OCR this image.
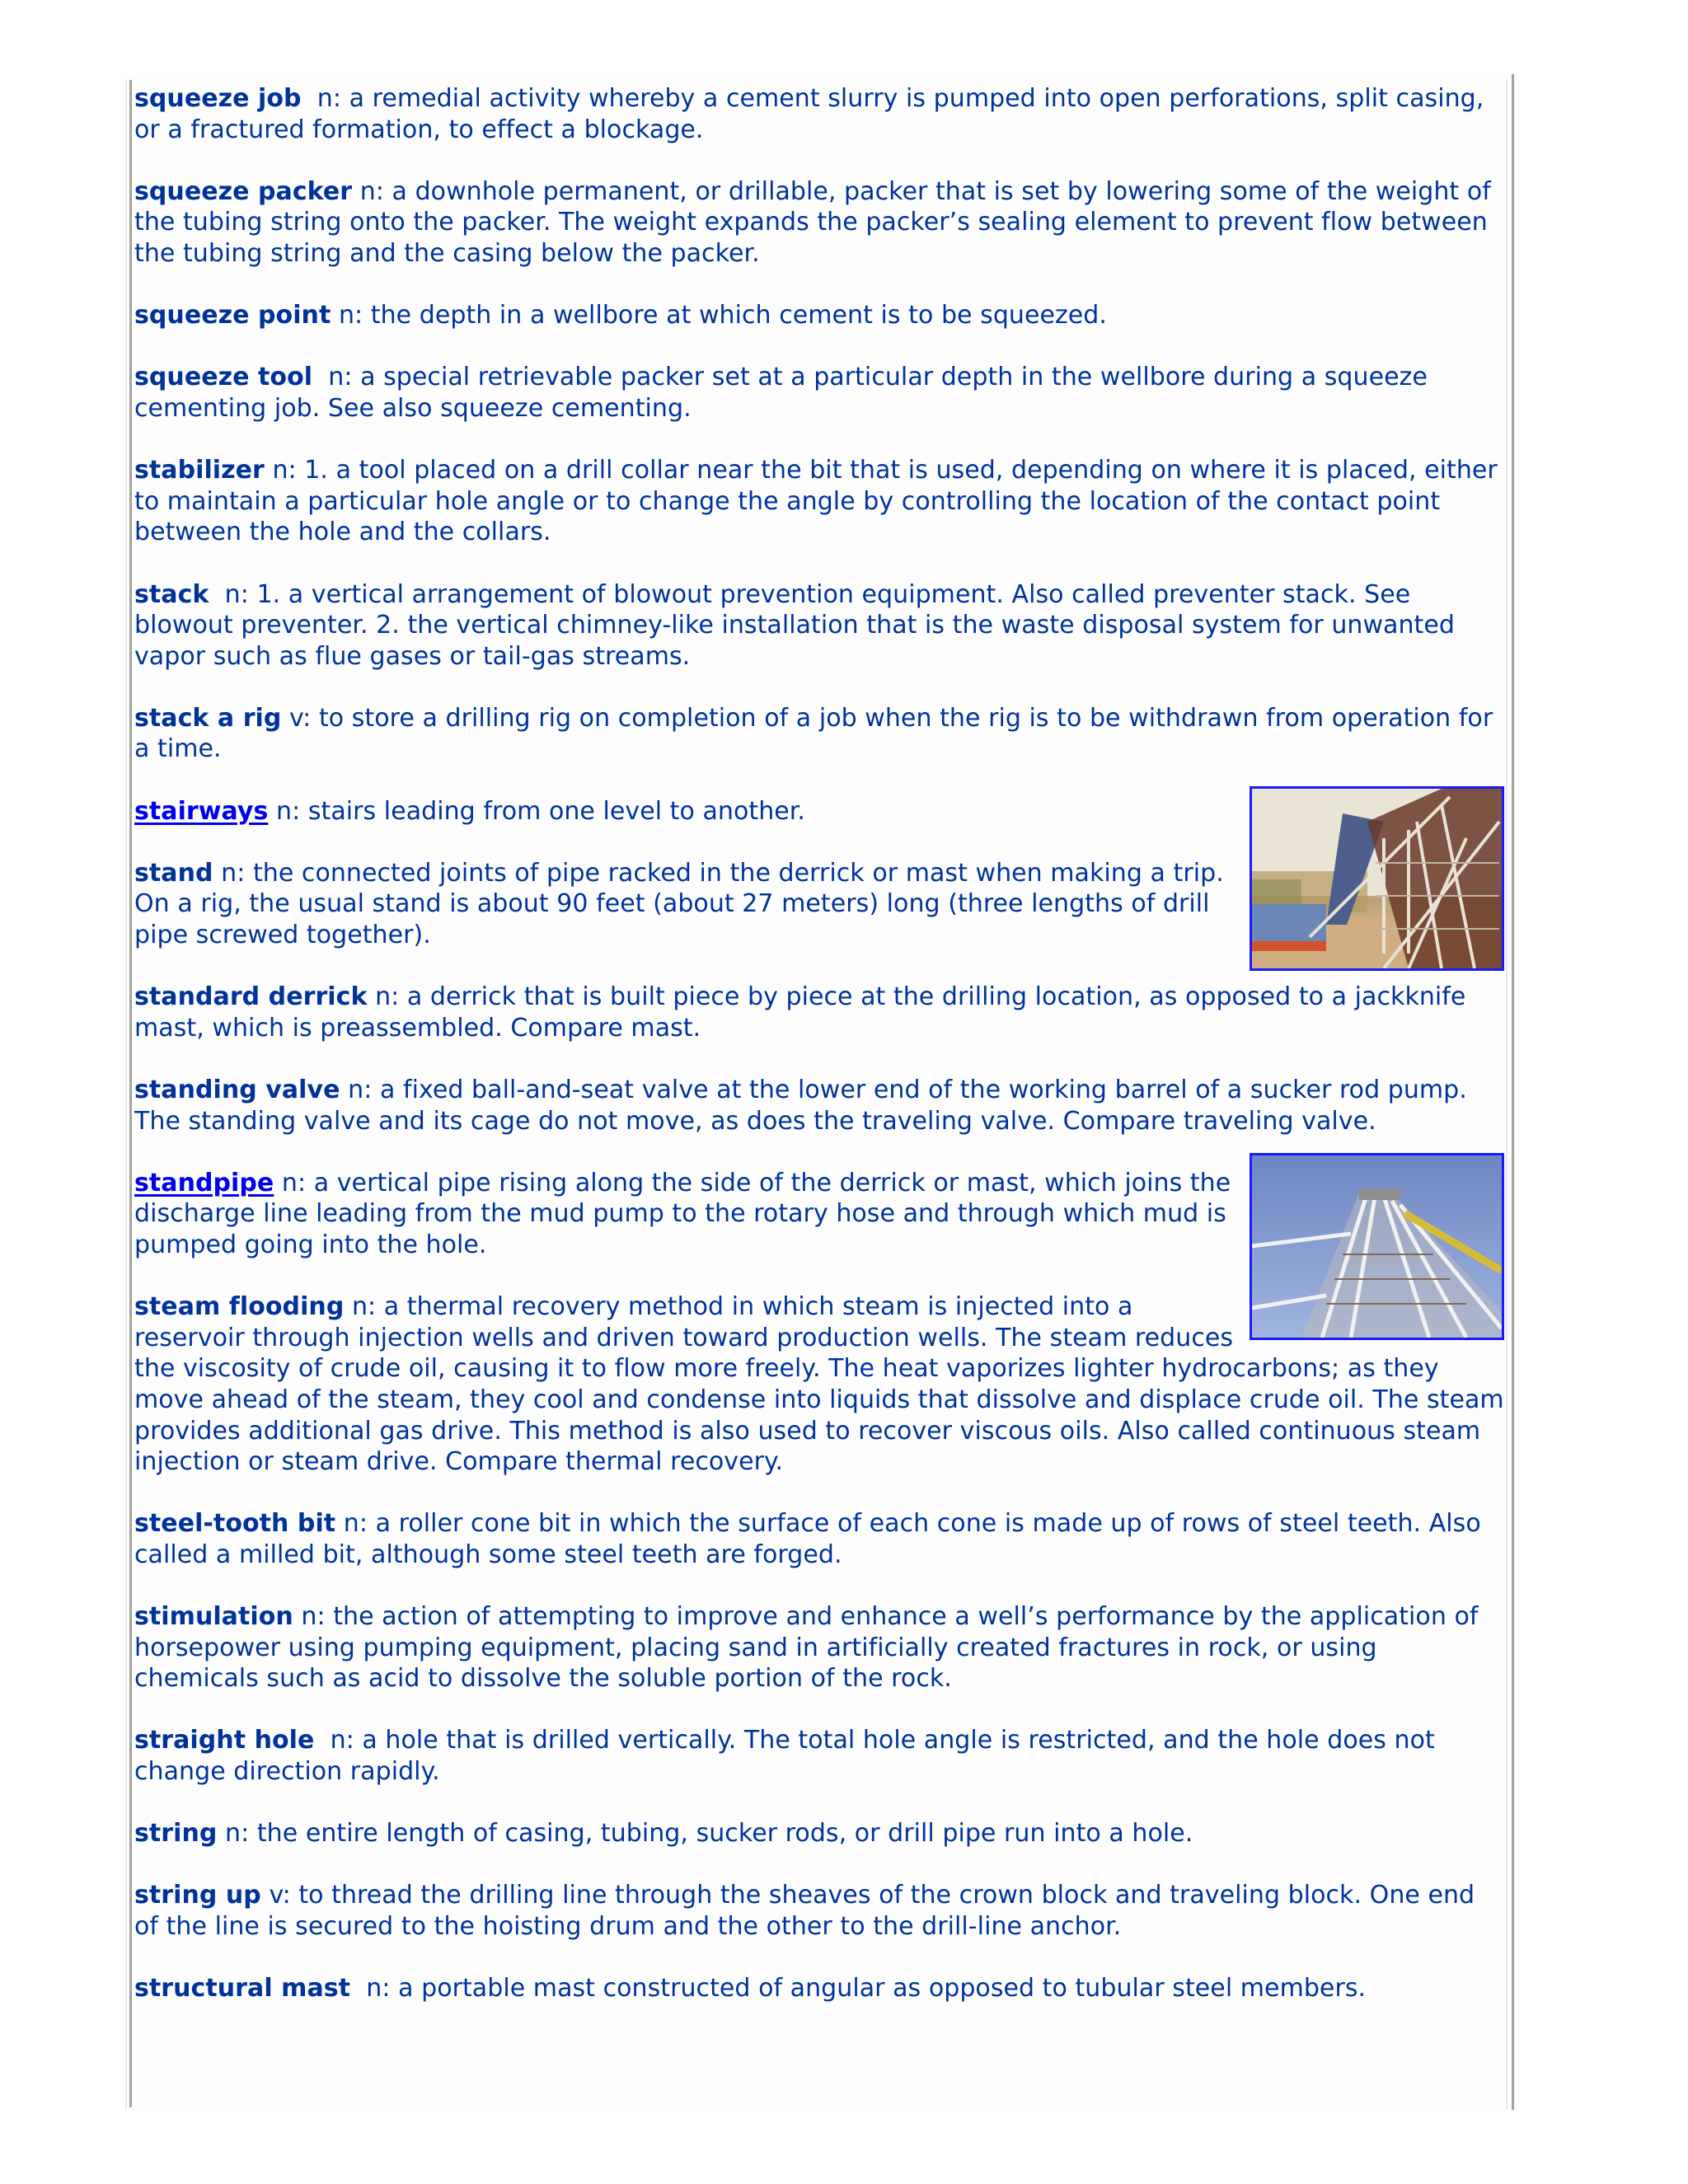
squeeze job n: a remedial activity whereby a cement slurry is pumped into open perforations, split casing, or a fractured formation, to effect a blockage.

squeeze packer n: a downhole permanent, or drillable, packer that is set by lowering some of the weight of the tubing string onto the packer. The weight expands the packer’s sealing element to prevent flow between the tubing string and the casing below the packer.

squeeze point n: the depth in a wellbore at which cement is to be squeezed.

squeeze tool n: a special retrievable packer set at a particular depth in the wellbore during a squeeze cementing job. See also squeeze cementing.

stabilizer n: 1. a tool placed on a drill collar near the bit that is used, depending on where it is placed, either to maintain a particular hole angle or to change the angle by controlling the location of the contact point between the hole and the collars.

stack n: 1. a vertical arrangement of blowout prevention equipment. Also called preventer stack. See blowout preventer. 2. the vertical chimney-like installation that is the waste disposal system for unwanted vapor such as flue gases or tail-gas streams.

stack a rig v: to store a drilling rig on completion of a job when the rig is to be withdrawn from operation for a time.

stairways n: stairs leading from one level to another.

stand n: the connected joints of pipe racked in the derrick or mast when making a trip. On a rig, the usual stand is about 90 feet (about 27 meters) long (three lengths of drill pipe screwed together).

standard derrick n: a derrick that is built piece by piece at the drilling location, as opposed to a jackknife mast, which is preassembled. Compare mast.

standing valve n: a fixed ball-and-seat valve at the lower end of the working barrel of a sucker rod pump. The standing valve and its cage do not move, as does the traveling valve. Compare traveling valve.

standpipe n: a vertical pipe rising along the side of the derrick or mast, which joins the discharge line leading from the mud pump to the rotary hose and through which mud is pumped going into the hole.

steam flooding n: a thermal recovery method in which steam is injected into a reservoir through injection wells and driven toward production wells. The steam reduces the viscosity of crude oil, causing it to flow more freely. The heat vaporizes lighter hydrocarbons; as they move ahead of the steam, they cool and condense into liquids that dissolve and displace crude oil. The steam provides additional gas drive. This method is also used to recover viscous oils. Also called continuous steam injection or steam drive. Compare thermal recovery.

steel-tooth bit n: a roller cone bit in which the surface of each cone is made up of rows of steel teeth. Also called a milled bit, although some steel teeth are forged.

stimulation n: the action of attempting to improve and enhance a well’s performance by the application of horsepower using pumping equipment, placing sand in artificially created fractures in rock, or using chemicals such as acid to dissolve the soluble portion of the rock.

straight hole n: a hole that is drilled vertically. The total hole angle is restricted, and the hole does not change direction rapidly.

string n: the entire length of casing, tubing, sucker rods, or drill pipe run into a hole.

string up v: to thread the drilling line through the sheaves of the crown block and traveling block. One end of the line is secured to the hoisting drum and the other to the drill-line anchor.

structural mast n: a portable mast constructed of angular as opposed to tubular steel members.
